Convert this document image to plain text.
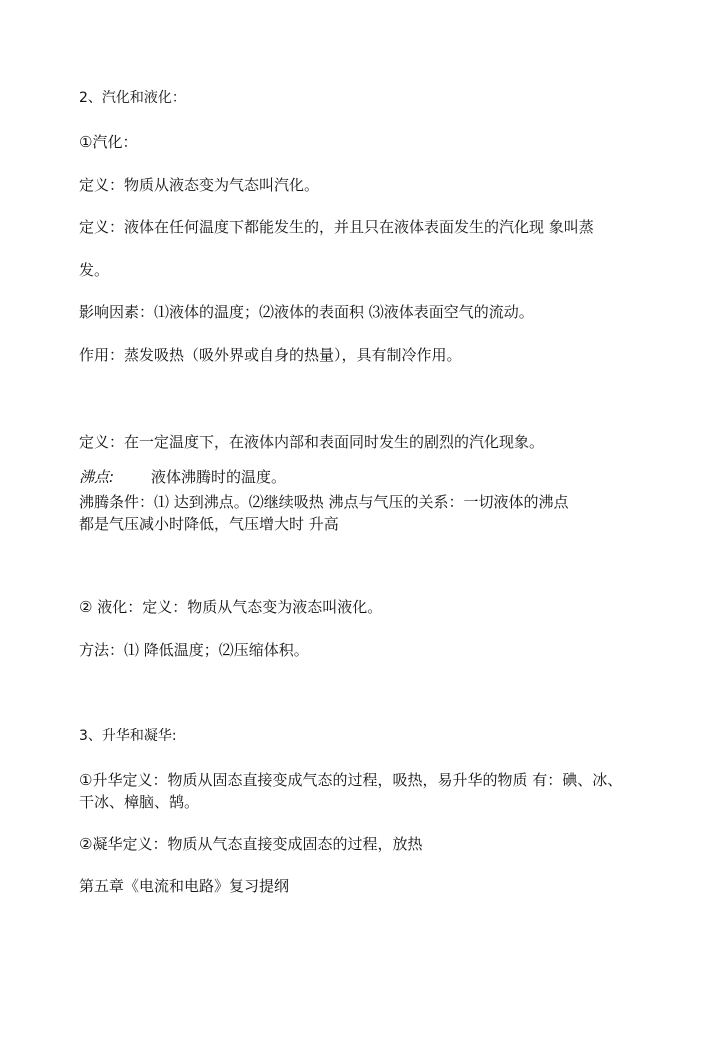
2、汽化和液化：
①汽化：
定义：物质从液态变为气态叫汽化。
定义：液体在任何温度下都能发生的，并且只在液体表面发生的汽化现 象叫蒸
发。
影响因素：⑴液体的温度；⑵液体的表面积 ⑶液体表面空气的流动。
作用：蒸发吸热（吸外界或自身的热量），具有制冷作用。
定义：在一定温度下，在液体内部和表面同时发生的剧烈的汽化现象。
沸点: 液体沸腾时的温度。
沸腾条件：⑴ 达到沸点。⑵继续吸热 沸点与气压的关系：一切液体的沸点
都是气压减小时降低，气压增大时 升高
② 液化：定义：物质从气态变为液态叫液化。
方法：⑴ 降低温度；⑵压缩体积。
3、升华和凝华:
①升华定义：物质从固态直接变成气态的过程，吸热，易升华的物质 有：碘、冰、
干冰、樟脑、鹄。
②凝华定义：物质从气态直接变成固态的过程，放热
第五章《电流和电路》复习提纲
